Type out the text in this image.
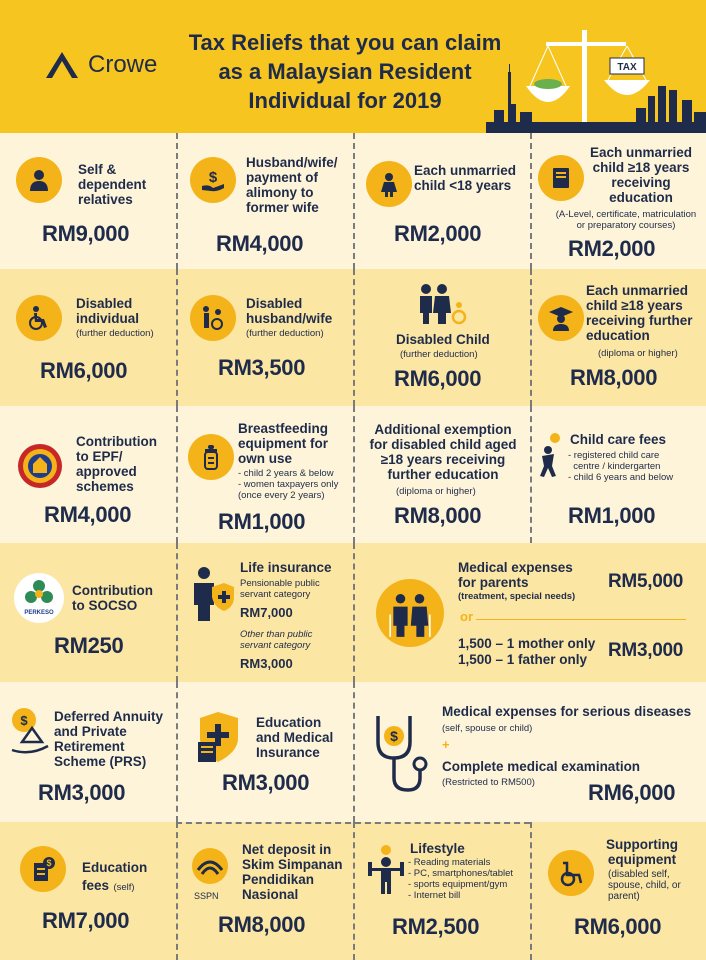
Crowe
Tax Reliefs that you can claim
as a Malaysian Resident
Individual for 2019
TAX
Self &
dependent
relatives
RM9,000
$
Husband/wife/
payment of
alimony to
former wife
RM4,000
Each unmarried
child <18 years
RM2,000
Each unmarried
child ≥18 years
receiving
education
(A-Level, certificate, matriculation
or preparatory courses)
RM2,000
Disabled
individual
(further deduction)
RM6,000
Disabled
husband/wife
(further deduction)
RM3,500
Disabled Child
(further deduction)
RM6,000
Each unmarried
child ≥18 years
receiving further
education
(diploma or higher)
RM8,000
Contribution
to EPF/
approved
schemes
RM4,000
Breastfeeding
equipment for
own use
- child 2 years & below
- women taxpayers only
(once every 2 years)
RM1,000
Additional exemption
for disabled child aged
≥18 years receiving
further education
(diploma or higher)
RM8,000
Child care fees
- registered child care
centre / kindergarten
- child 6 years and below
RM1,000
PERKESO
Contribution
to SOCSO
RM250
Life insurance
Pensionable public
servant category
RM7,000
Other than public
servant category
RM3,000
Medical expenses
for parents
(treatment, special needs)
RM5,000
or
1,500 – 1 mother only
1,500 – 1 father only RM3,000
$ Deferred Annuity
and Private
Retirement
Scheme (PRS)
RM3,000
Education
and Medical
Insurance
RM3,000
$
Medical expenses for serious diseases
(self, spouse or child)
+
Complete medical examination
(Restricted to RM500) RM6,000
$ Education
fees (self)
RM7,000
SSPN
Net deposit in
Skim Simpanan
Pendidikan
Nasional
RM8,000
Lifestyle
- Reading materials
- PC, smartphones/tablet
- sports equipment/gym
- Internet bill
RM2,500
Supporting
equipment
(disabled self,
spouse, child, or
parent)
RM6,000
